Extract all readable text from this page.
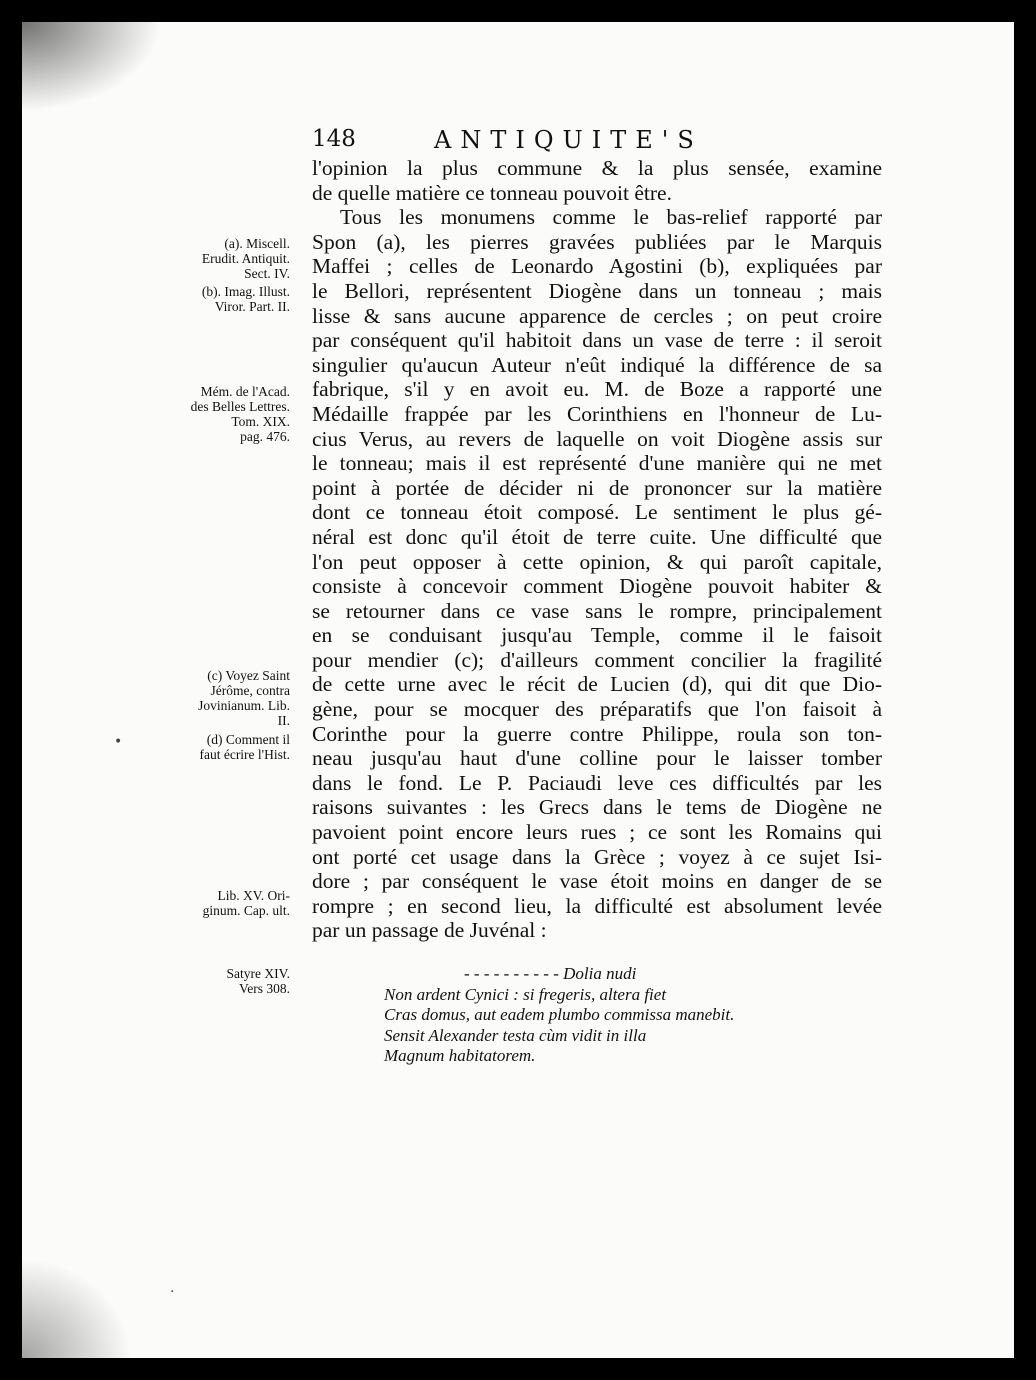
148	ANTIQUITE'S
l'opinion la plus commune & la plus sensée, examine
de quelle matière ce tonneau pouvoit être.
Tous les monumens comme le bas-relief rapporté par
Spon (a), les pierres gravées publiées par le Marquis
Maffei ; celles de Leonardo Agostini (b), expliquées par
le Bellori, représentent Diogène dans un tonneau ; mais
lisse & sans aucune apparence de cercles ; on peut croire
par conséquent qu'il habitoit dans un vase de terre : il seroit
singulier qu'aucun Auteur n'eût indiqué la différence de sa
fabrique, s'il y en avoit eu. M. de Boze a rapporté une
Médaille frappée par les Corinthiens en l'honneur de Lu-
cius Verus, au revers de laquelle on voit Diogène assis sur
le tonneau; mais il est représenté d'une manière qui ne met
point à portée de décider ni de prononcer sur la matière
dont ce tonneau étoit composé. Le sentiment le plus gé-
néral est donc qu'il étoit de terre cuite. Une difficulté que
l'on peut opposer à cette opinion, & qui paroît capitale,
consiste à concevoir comment Diogène pouvoit habiter &
se retourner dans ce vase sans le rompre, principalement
en se conduisant jusqu'au Temple, comme il le faisoit
pour mendier (c); d'ailleurs comment concilier la fragilité
de cette urne avec le récit de Lucien (d), qui dit que Dio-
gène, pour se mocquer des préparatifs que l'on faisoit à
Corinthe pour la guerre contre Philippe, roula son ton-
neau jusqu'au haut d'une colline pour le laisser tomber
dans le fond. Le P. Paciaudi leve ces difficultés par les
raisons suivantes : les Grecs dans le tems de Diogène ne
pavoient point encore leurs rues ; ce sont les Romains qui
ont porté cet usage dans la Grèce ; voyez à ce sujet Isi-
dore ; par conséquent le vase étoit moins en danger de se
rompre ; en second lieu, la difficulté est absolument levée
par un passage de Juvénal :
(a). Miscell.
Erudit. Antiquit.
Sect. IV.
(b). Imag. Illust.
Viror. Part. II.
Mém. de l'Acad.
des Belles Lettres.
Tom. XIX.
pag. 476.
(c) Voyez Saint
Jérôme, contra
Jovinianum. Lib.
II.
(d) Comment il
faut écrire l'Hist.
Lib. XV. Ori-
ginum. Cap. ult.
Satyre XIV.
Vers 308.
- - - - - - - - - - Dolia nudi
Non ardent Cynici : si fregeris, altera fiet
Cras domus, aut eadem plumbo commissa manebit.
Sensit Alexander testa cùm vidit in illa
Magnum habitatorem.
•
·
